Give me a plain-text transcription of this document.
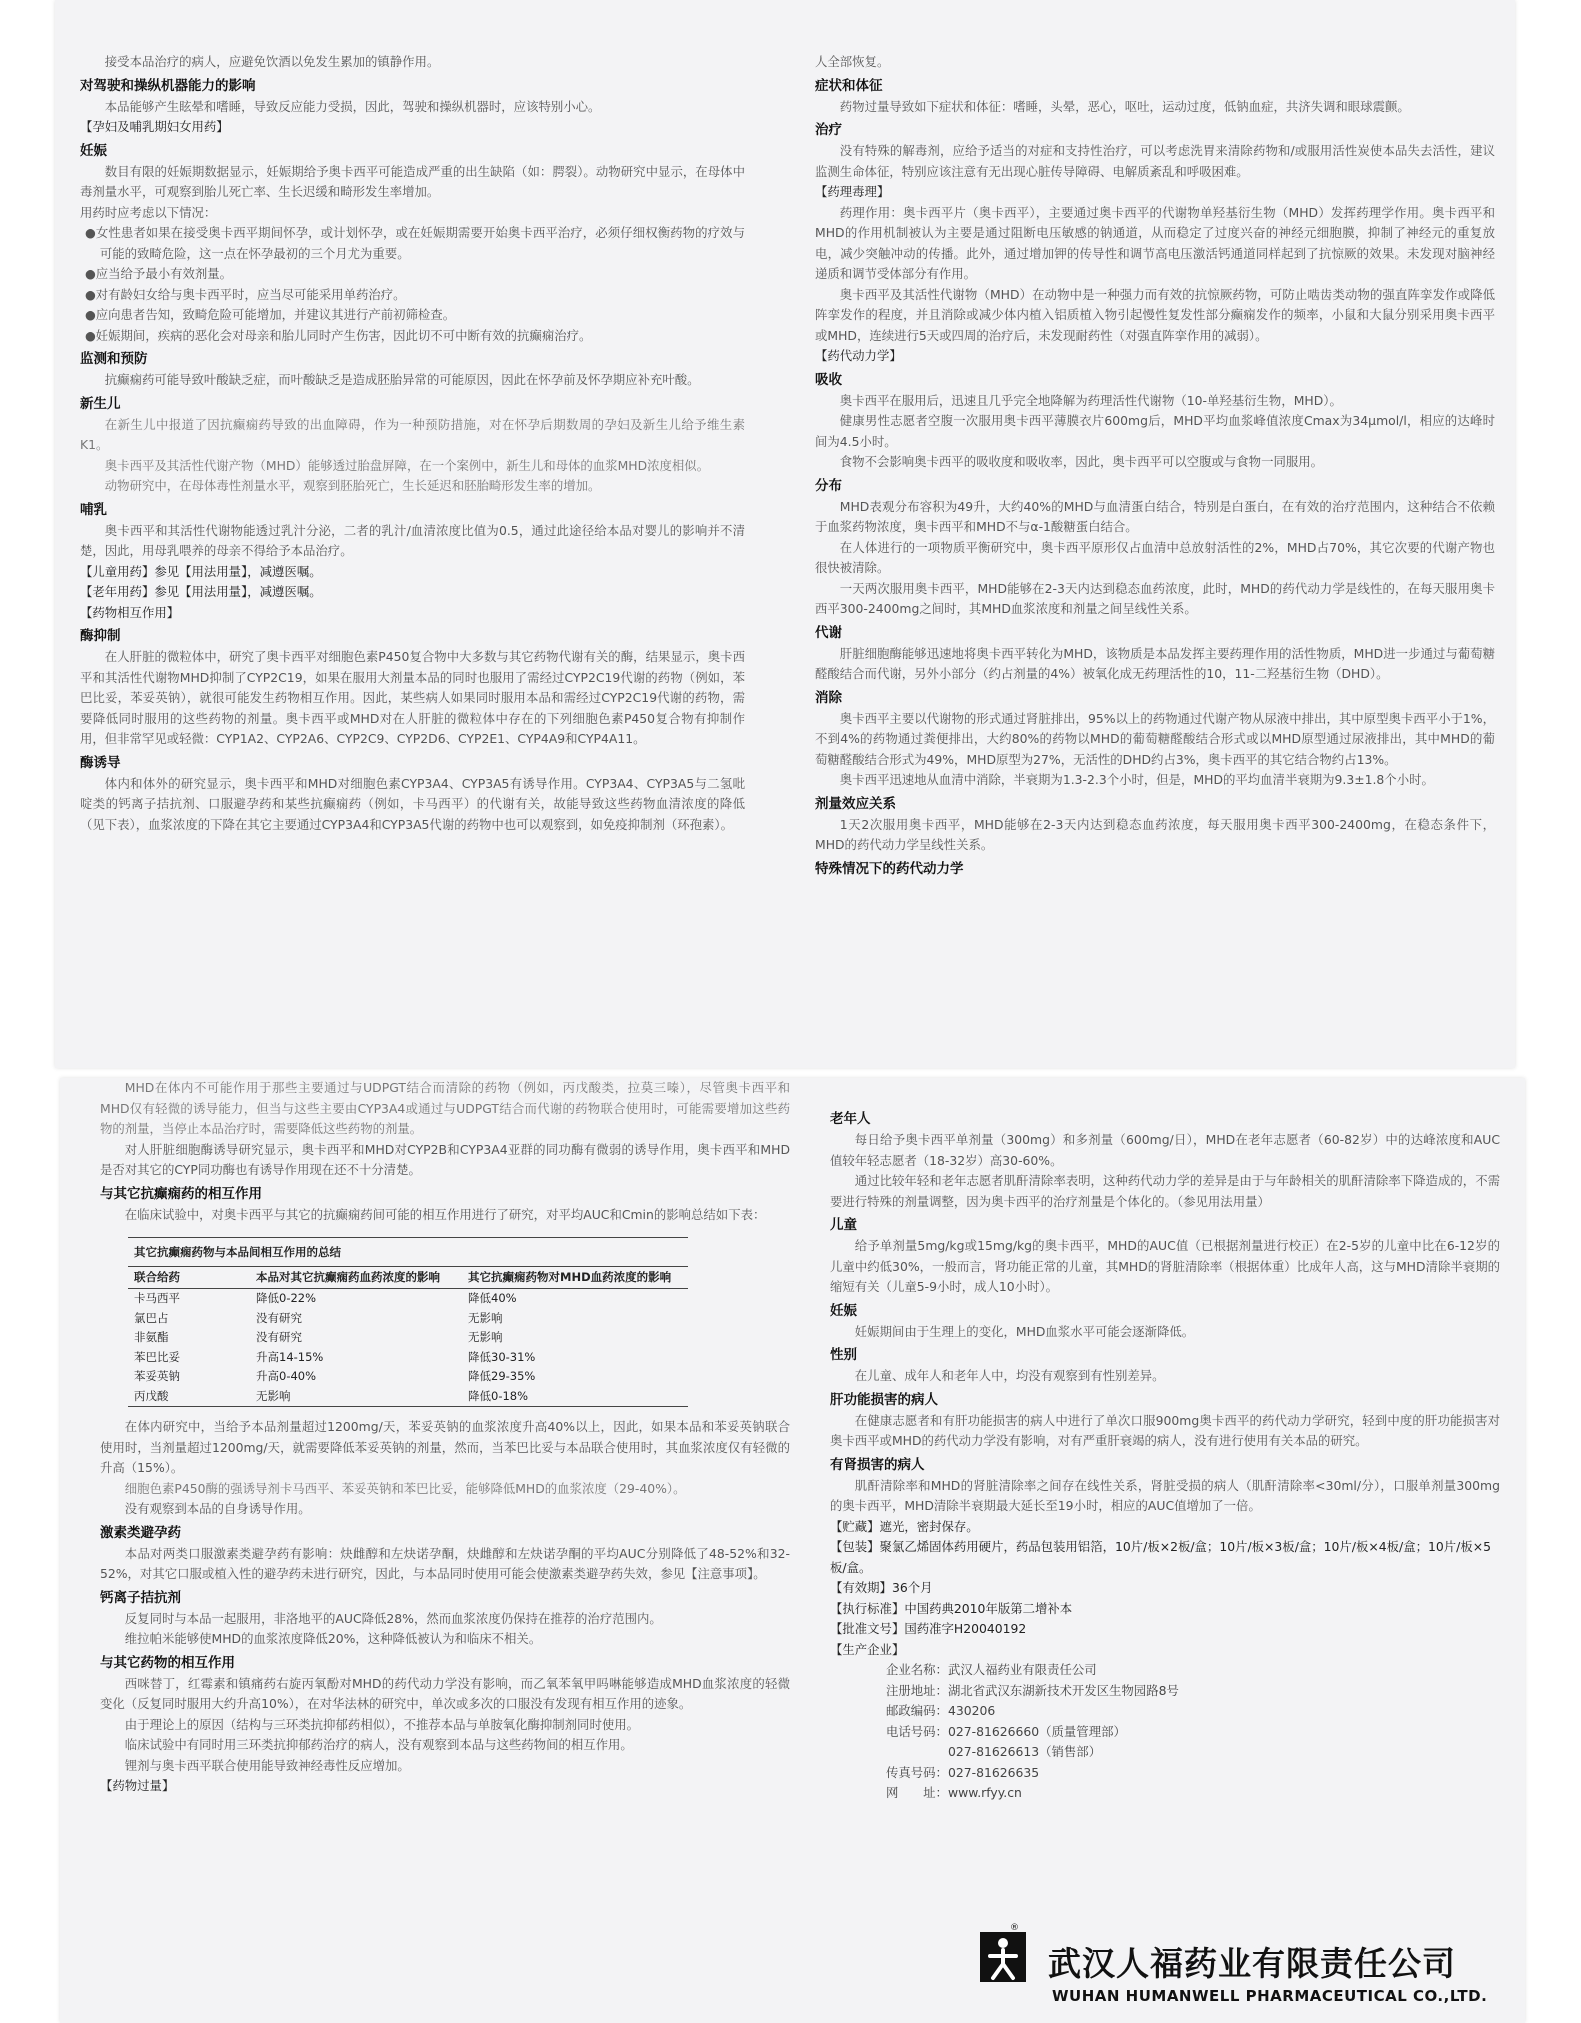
接受本品治疗的病人，应避免饮酒以免发生累加的镇静作用。

对驾驶和操纵机器能力的影响

本品能够产生眩晕和嗜睡，导致反应能力受损，因此，驾驶和操纵机器时，应该特别小心。

【孕妇及哺乳期妇女用药】

妊娠

数目有限的妊娠期数据显示，妊娠期给予奥卡西平可能造成严重的出生缺陷（如：腭裂）。动物研究中显示，在母体中毒剂量水平，可观察到胎儿死亡率、生长迟缓和畸形发生率增加。

用药时应考虑以下情况：

●女性患者如果在接受奥卡西平期间怀孕，或计划怀孕，或在妊娠期需要开始奥卡西平治疗，必须仔细权衡药物的疗效与可能的致畸危险，这一点在怀孕最初的三个月尤为重要。

●应当给予最小有效剂量。

●对有龄妇女给与奥卡西平时，应当尽可能采用单药治疗。

●应向患者告知，致畸危险可能增加，并建议其进行产前初筛检查。

●妊娠期间，疾病的恶化会对母亲和胎儿同时产生伤害，因此切不可中断有效的抗癫痫治疗。

监测和预防

抗癫痫药可能导致叶酸缺乏症，而叶酸缺乏是造成胚胎异常的可能原因，因此在怀孕前及怀孕期应补充叶酸。

新生儿

在新生儿中报道了因抗癫痫药导致的出血障碍，作为一种预防措施，对在怀孕后期数周的孕妇及新生儿给予维生素K1。

奥卡西平及其活性代谢产物（MHD）能够透过胎盘屏障，在一个案例中，新生儿和母体的血浆MHD浓度相似。

动物研究中，在母体毒性剂量水平，观察到胚胎死亡，生长延迟和胚胎畸形发生率的增加。

哺乳

奥卡西平和其活性代谢物能透过乳汁分泌，二者的乳汁/血清浓度比值为0.5，通过此途径给本品对婴儿的影响并不清楚，因此，用母乳喂养的母亲不得给予本品治疗。

【儿童用药】参见【用法用量】，减遵医嘱。

【老年用药】参见【用法用量】，减遵医嘱。

【药物相互作用】

酶抑制

在人肝脏的微粒体中，研究了奥卡西平对细胞色素P450复合物中大多数与其它药物代谢有关的酶，结果显示，奥卡西平和其活性代谢物MHD抑制了CYP2C19，如果在服用大剂量本品的同时也服用了需经过CYP2C19代谢的药物（例如，苯巴比妥，苯妥英钠），就很可能发生药物相互作用。因此，某些病人如果同时服用本品和需经过CYP2C19代谢的药物，需要降低同时服用的这些药物的剂量。奥卡西平或MHD对在人肝脏的微粒体中存在的下列细胞色素P450复合物有抑制作用，但非常罕见或轻微：CYP1A2、CYP2A6、CYP2C9、CYP2D6、CYP2E1、CYP4A9和CYP4A11。

酶诱导

体内和体外的研究显示，奥卡西平和MHD对细胞色素CYP3A4、CYP3A5有诱导作用。CYP3A4、CYP3A5与二氢吡啶类的钙离子拮抗剂、口服避孕药和某些抗癫痫药（例如，卡马西平）的代谢有关，故能导致这些药物血清浓度的降低（见下表），血浆浓度的下降在其它主要通过CYP3A4和CYP3A5代谢的药物中也可以观察到，如免疫抑制剂（环孢素）。

人全部恢复。

症状和体征

药物过量导致如下症状和体征：嗜睡，头晕，恶心，呕吐，运动过度，低钠血症，共济失调和眼球震颤。

治疗

没有特殊的解毒剂，应给予适当的对症和支持性治疗，可以考虑洗胃来清除药物和/或服用活性炭使本品失去活性，建议监测生命体征，特别应该注意有无出现心脏传导障碍、电解质紊乱和呼吸困难。

【药理毒理】

药理作用：奥卡西平片（奥卡西平），主要通过奥卡西平的代谢物单羟基衍生物（MHD）发挥药理学作用。奥卡西平和MHD的作用机制被认为主要是通过阻断电压敏感的钠通道，从而稳定了过度兴奋的神经元细胞膜，抑制了神经元的重复放电，减少突触冲动的传播。此外，通过增加钾的传导性和调节高电压激活钙通道同样起到了抗惊厥的效果。未发现对脑神经递质和调节受体部分有作用。

奥卡西平及其活性代谢物（MHD）在动物中是一种强力而有效的抗惊厥药物，可防止啮齿类动物的强直阵挛发作或降低阵挛发作的程度，并且消除或减少体内植入铝质植入物引起慢性复发性部分癫痫发作的频率，小鼠和大鼠分别采用奥卡西平或MHD，连续进行5天或四周的治疗后，未发现耐药性（对强直阵挛作用的减弱）。

【药代动力学】

吸收

奥卡西平在服用后，迅速且几乎完全地降解为药理活性代谢物（10-单羟基衍生物，MHD）。

健康男性志愿者空腹一次服用奥卡西平薄膜衣片600mg后，MHD平均血浆峰值浓度Cmax为34μmol/l，相应的达峰时间为4.5小时。

食物不会影响奥卡西平的吸收度和吸收率，因此，奥卡西平可以空腹或与食物一同服用。

分布

MHD表观分布容积为49升，大约40%的MHD与血清蛋白结合，特别是白蛋白，在有效的治疗范围内，这种结合不依赖于血浆药物浓度，奥卡西平和MHD不与α-1酸糖蛋白结合。

在人体进行的一项物质平衡研究中，奥卡西平原形仅占血清中总放射活性的2%，MHD占70%，其它次要的代谢产物也很快被清除。

一天两次服用奥卡西平，MHD能够在2-3天内达到稳态血药浓度，此时，MHD的药代动力学是线性的，在每天服用奥卡西平300-2400mg之间时，其MHD血浆浓度和剂量之间呈线性关系。

代谢

肝脏细胞酶能够迅速地将奥卡西平转化为MHD，该物质是本品发挥主要药理作用的活性物质，MHD进一步通过与葡萄糖醛酸结合而代谢，另外小部分（约占剂量的4%）被氧化成无药理活性的10，11-二羟基衍生物（DHD）。

消除

奥卡西平主要以代谢物的形式通过肾脏排出，95%以上的药物通过代谢产物从尿液中排出，其中原型奥卡西平小于1%，不到4%的药物通过粪便排出，大约80%的药物以MHD的葡萄糖醛酸结合形式或以MHD原型通过尿液排出，其中MHD的葡萄糖醛酸结合形式为49%，MHD原型为27%，无活性的DHD约占3%，奥卡西平的其它结合物约占13%。

奥卡西平迅速地从血清中消除，半衰期为1.3-2.3个小时，但是，MHD的平均血清半衰期为9.3±1.8个小时。

剂量效应关系

1天2次服用奥卡西平，MHD能够在2-3天内达到稳态血药浓度，每天服用奥卡西平300-2400mg，在稳态条件下，MHD的药代动力学呈线性关系。

特殊情况下的药代动力学

MHD在体内不可能作用于那些主要通过与UDPGT结合而清除的药物（例如，丙戊酸类，拉莫三嗪），尽管奥卡西平和MHD仅有轻微的诱导能力，但当与这些主要由CYP3A4或通过与UDPGT结合而代谢的药物联合使用时，可能需要增加这些药物的剂量，当停止本品治疗时，需要降低这些药物的剂量。

对人肝脏细胞酶诱导研究显示，奥卡西平和MHD对CYP2B和CYP3A4亚群的同功酶有微弱的诱导作用，奥卡西平和MHD是否对其它的CYP同功酶也有诱导作用现在还不十分清楚。

与其它抗癫痫药的相互作用

在临床试验中，对奥卡西平与其它的抗癫痫药间可能的相互作用进行了研究，对平均AUC和Cmin的影响总结如下表：

其它抗癫痫药物与本品间相互作用的总结
联合给药	本品对其它抗癫痫药血药浓度的影响	其它抗癫痫药物对MHD血药浓度的影响
卡马西平	降低0-22%	降低40%
氯巴占	没有研究	无影响
非氨酯	没有研究	无影响
苯巴比妥	升高14-15%	降低30-31%
苯妥英钠	升高0-40%	降低29-35%
丙戊酸	无影响	降低0-18%

在体内研究中，当给予本品剂量超过1200mg/天，苯妥英钠的血浆浓度升高40%以上，因此，如果本品和苯妥英钠联合使用时，当剂量超过1200mg/天，就需要降低苯妥英钠的剂量，然而，当苯巴比妥与本品联合使用时，其血浆浓度仅有轻微的升高（15%）。

细胞色素P450酶的强诱导剂卡马西平、苯妥英钠和苯巴比妥，能够降低MHD的血浆浓度（29-40%）。

没有观察到本品的自身诱导作用。

激素类避孕药

本品对两类口服激素类避孕药有影响：炔雌醇和左炔诺孕酮，炔雌醇和左炔诺孕酮的平均AUC分别降低了48-52%和32-52%，对其它口服或植入性的避孕药未进行研究，因此，与本品同时使用可能会使激素类避孕药失效，参见【注意事项】。

钙离子拮抗剂

反复同时与本品一起服用，非洛地平的AUC降低28%，然而血浆浓度仍保持在推荐的治疗范围内。

维拉帕米能够使MHD的血浆浓度降低20%，这种降低被认为和临床不相关。

与其它药物的相互作用

西咪替丁，红霉素和镇痛药右旋丙氧酚对MHD的药代动力学没有影响，而乙氧苯氧甲吗啉能够造成MHD血浆浓度的轻微变化（反复同时服用大约升高10%），在对华法林的研究中，单次或多次的口服没有发现有相互作用的迹象。

由于理论上的原因（结构与三环类抗抑郁药相似），不推荐本品与单胺氧化酶抑制剂同时使用。

临床试验中有同时用三环类抗抑郁药治疗的病人，没有观察到本品与这些药物间的相互作用。

锂剂与奥卡西平联合使用能导致神经毒性反应增加。

【药物过量】

老年人

每日给予奥卡西平单剂量（300mg）和多剂量（600mg/日），MHD在老年志愿者（60-82岁）中的达峰浓度和AUC值较年轻志愿者（18-32岁）高30-60%。

通过比较年轻和老年志愿者肌酐清除率表明，这种药代动力学的差异是由于与年龄相关的肌酐清除率下降造成的，不需要进行特殊的剂量调整，因为奥卡西平的治疗剂量是个体化的。（参见用法用量）

儿童

给予单剂量5mg/kg或15mg/kg的奥卡西平，MHD的AUC值（已根据剂量进行校正）在2-5岁的儿童中比在6-12岁的儿童中约低30%，一般而言，肾功能正常的儿童，其MHD的肾脏清除率（根据体重）比成年人高，这与MHD清除半衰期的缩短有关（儿童5-9小时，成人10小时）。

妊娠

妊娠期间由于生理上的变化，MHD血浆水平可能会逐渐降低。

性别

在儿童、成年人和老年人中，均没有观察到有性别差异。

肝功能损害的病人

在健康志愿者和有肝功能损害的病人中进行了单次口服900mg奥卡西平的药代动力学研究，轻到中度的肝功能损害对奥卡西平或MHD的药代动力学没有影响，对有严重肝衰竭的病人，没有进行使用有关本品的研究。

有肾损害的病人

肌酐清除率和MHD的肾脏清除率之间存在线性关系，肾脏受损的病人（肌酐清除率<30ml/分），口服单剂量300mg的奥卡西平，MHD清除半衰期最大延长至19小时，相应的AUC值增加了一倍。

【贮藏】遮光，密封保存。

【包装】聚氯乙烯固体药用硬片，药品包装用铝箔，10片/板×2板/盒；10片/板×3板/盒；10片/板×4板/盒；10片/板×5板/盒。

【有效期】36个月

【执行标准】中国药典2010年版第二增补本

【批准文号】国药准字H20040192

【生产企业】

企业名称：武汉人福药业有限责任公司

注册地址：湖北省武汉东湖新技术开发区生物园路8号

邮政编码：430206

电话号码：027-81626660（质量管理部）

　　　　　027-81626613（销售部）

传真号码：027-81626635

网　　址：www.rfyy.cn

®
武汉人福药业有限责任公司
WUHAN HUMANWELL PHARMACEUTICAL CO.,LTD.
